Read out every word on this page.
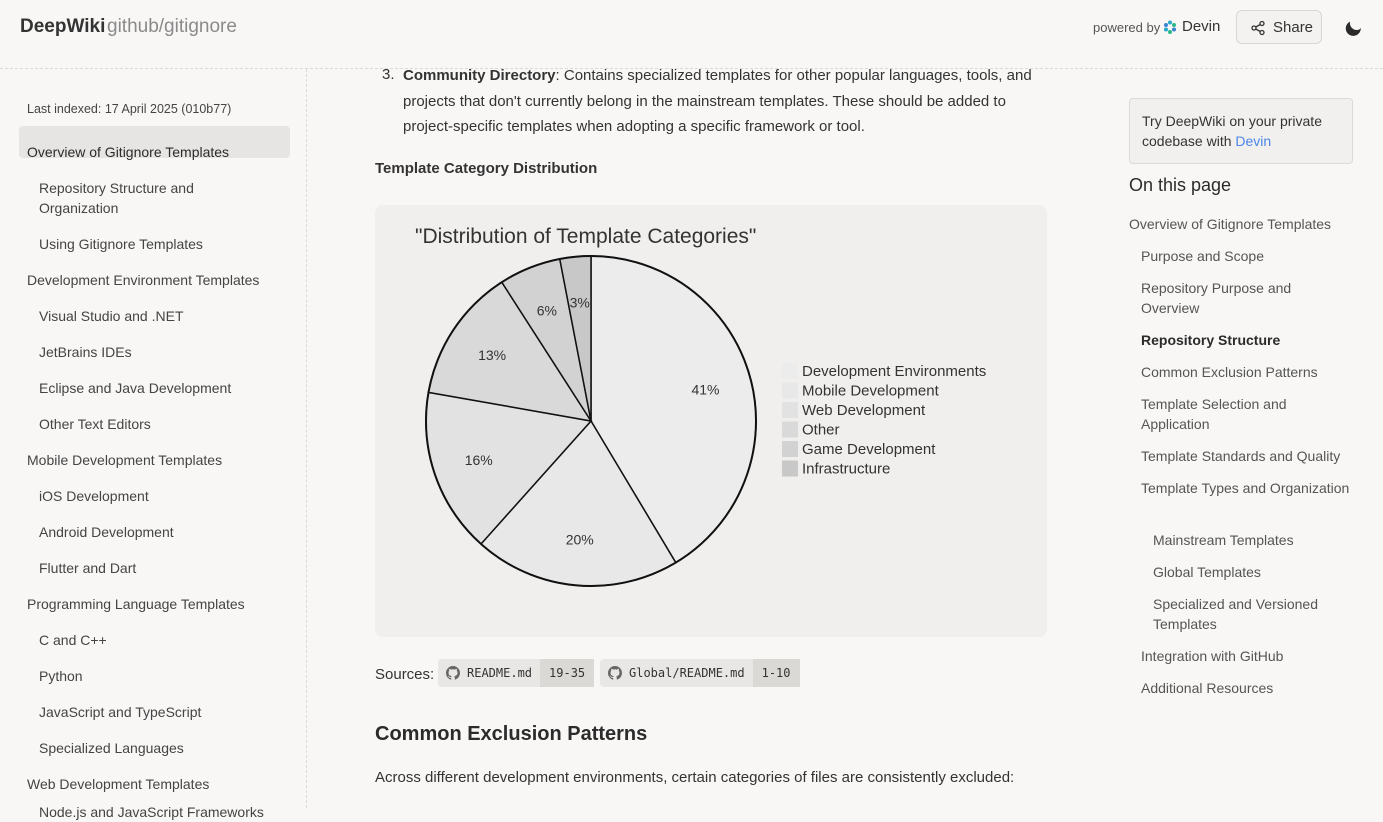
DeepWiki github/gitignore	powered by Devin	Share
Last indexed: 17 April 2025 (010b77)
Overview of Gitignore Templates
Repository Structure and Organization
Using Gitignore Templates
Development Environment Templates
Visual Studio and .NET
JetBrains IDEs
Eclipse and Java Development
Other Text Editors
Mobile Development Templates
iOS Development
Android Development
Flutter and Dart
Programming Language Templates
C and C++
Python
JavaScript and TypeScript
Specialized Languages
Web Development Templates
Node.js and JavaScript Frameworks
3. Community Directory: Contains specialized templates for other popular languages, tools, and projects that don't currently belong in the mainstream templates. These should be added to project-specific templates when adopting a specific framework or tool.
Template Category Distribution
"Distribution of Template Categories"
41%
20%
16%
13%
6% 3%
Development Environments
Mobile Development
Web Development
Other
Game Development
Infrastructure
Sources:	README.md	19-35	Global/README.md	1-10
Common Exclusion Patterns
Across different development environments, certain categories of files are consistently excluded:
Try DeepWiki on your private codebase with Devin
On this page
Overview of Gitignore Templates
Purpose and Scope
Repository Purpose and Overview
Repository Structure
Common Exclusion Patterns
Template Selection and Application
Template Standards and Quality
Template Types and Organization
Mainstream Templates
Global Templates
Specialized and Versioned Templates
Integration with GitHub
Additional Resources
